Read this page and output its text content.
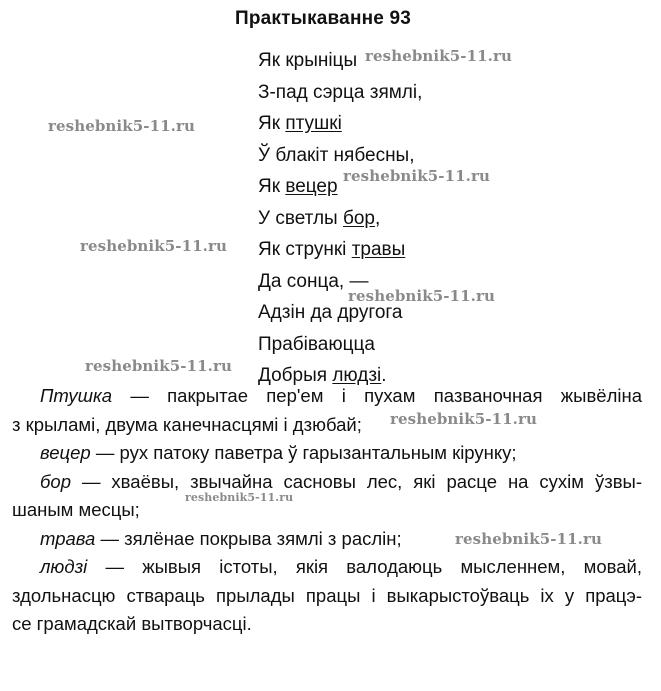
Практыкаванне 93
Як крыніцы
З-пад сэрца зямлі,
Як птушкі
Ў блакіт нябесны,
Як вецер
У светлы бор,
Як стрункі травы
Да сонца, —
Адзін да другога
Прабіваюцца
Добрыя людзі.
Птушка — пакрытае пер'ем і пухам пазваночная жывёліна
з крыламі, двума канечнасцямі і дзюбай;
вецер — рух патоку паветра ў гарызантальным кірунку;
бор — хваёвы, звычайна сасновы лес, які расце на сухім ўзвы-
шаным месцы;
трава — зялёнае покрыва зямлі з раслін;
людзі — жывыя істоты, якія валодаюць мысленнем, мовай,
здольнасцю ствараць прылады працы і выкарыстоўваць іх у працэ-
се грамадскай вытворчасці.
reshebnik5-11.ru
reshebnik5-11.ru
reshebnik5-11.ru
reshebnik5-11.ru
reshebnik5-11.ru
reshebnik5-11.ru
reshebnik5-11.ru
reshebnik5-11.ru
reshebnik5-11.ru
